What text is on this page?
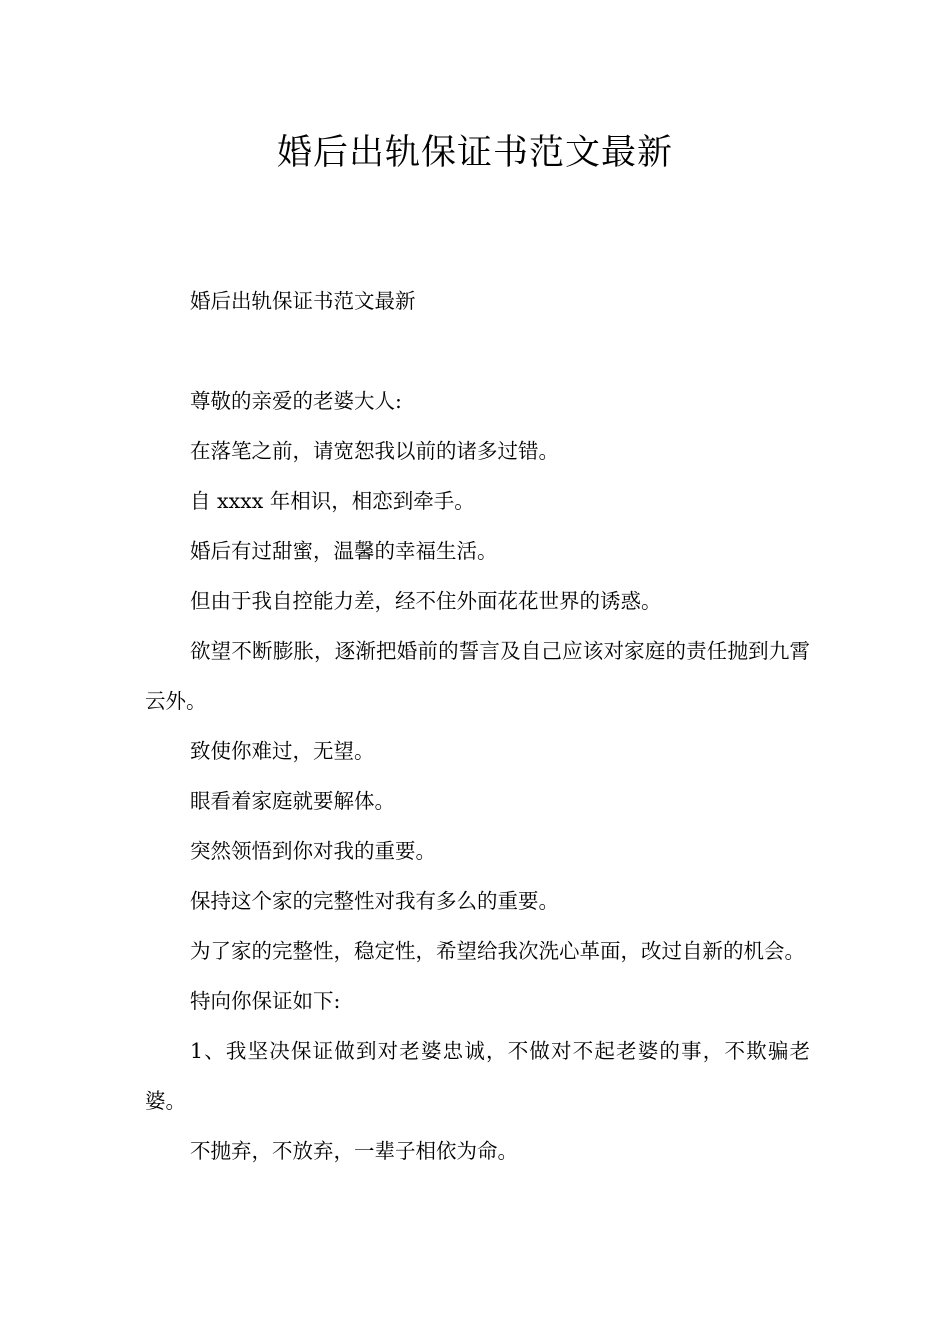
婚后出轨保证书范文最新

婚后出轨保证书范文最新

尊敬的亲爱的老婆大人:

在落笔之前，请宽恕我以前的诸多过错。

自 xxxx 年相识，相恋到牵手。

婚后有过甜蜜，温馨的幸福生活。

但由于我自控能力差，经不住外面花花世界的诱惑。

欲望不断膨胀，逐渐把婚前的誓言及自己应该对家庭的责任抛到九霄云外。

致使你难过，无望。

眼看着家庭就要解体。

突然领悟到你对我的重要。

保持这个家的完整性对我有多么的重要。

为了家的完整性，稳定性，希望给我次洗心革面，改过自新的机会。

特向你保证如下:

1、我坚决保证做到对老婆忠诚，不做对不起老婆的事，不欺骗老婆。

不抛弃，不放弃，一辈子相依为命。
